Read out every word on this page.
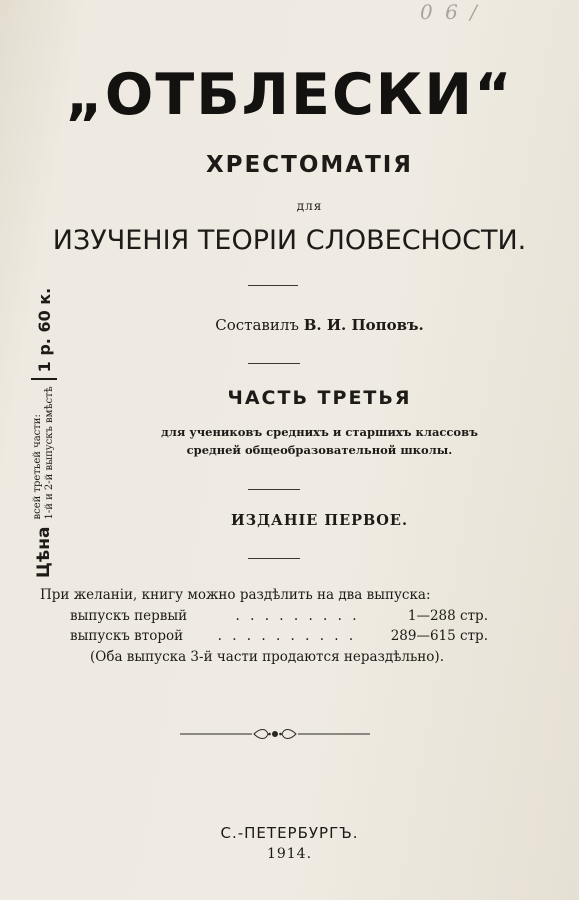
0 6 /
„ОТБЛЕСКИ“
ХРЕСТОМАТІЯ
для
ИЗУЧЕНІЯ ТЕОРІИ СЛОВЕСНОСТИ.
Составилъ В. И. Поповъ.
ЧАСТЬ ТРЕТЬЯ
для учениковъ среднихъ и старшихъ классовъ
средней общеобразовательной школы.
ИЗДАНІЕ ПЕРВОЕ.
При желаніи, книгу можно раздѣлить на два выпуска:
выпускъ первый	. . . . . . . . .	1—288 стр.
выпускъ второй	. . . . . . . . . .	289—615 стр.
(Оба выпуска 3-й части продаются нераздѣльно).
С.-ПЕТЕРБУРГЪ.
1914.
Цѣна
всей третьей части: 1-й и 2-й выпускъ вмѣстѣ
1 р. 60 к.
